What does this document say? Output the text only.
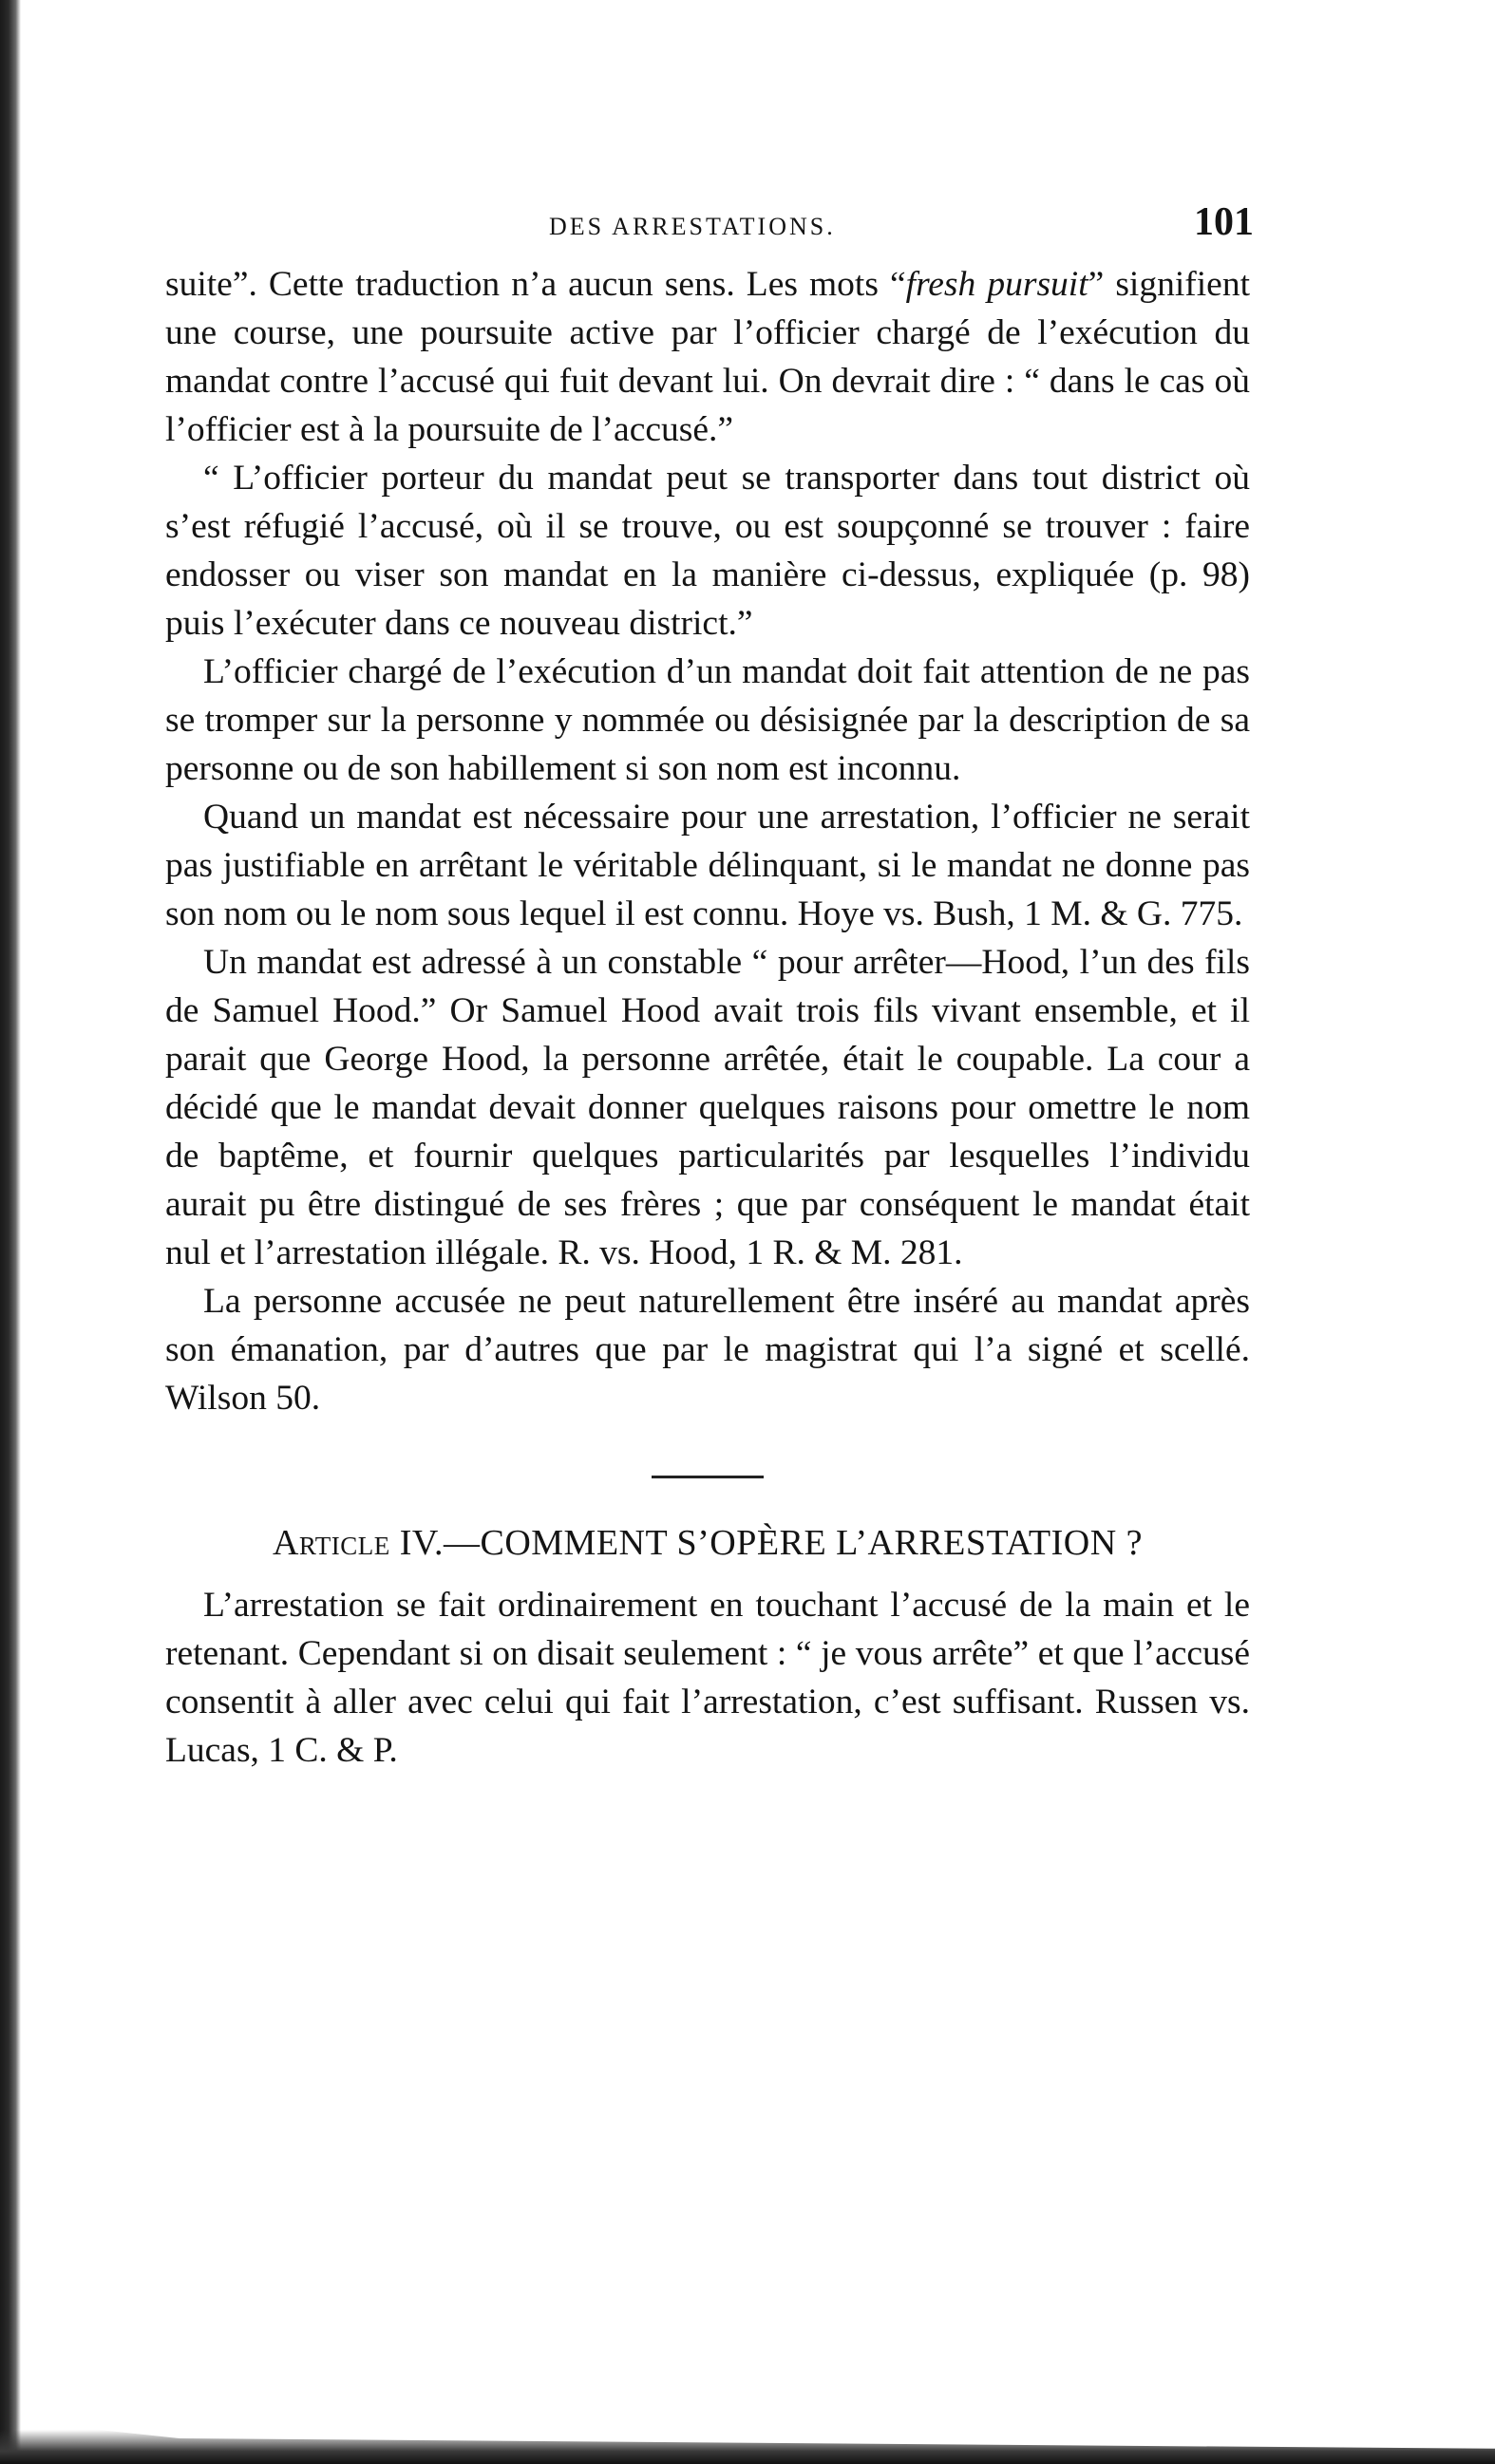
DES ARRESTATIONS.	101

suite”. Cette traduction n’a aucun sens. Les mots “fresh pursuit” signifient une course, une poursuite active par l’officier chargé de l’exécution du mandat contre l’accusé qui fuit devant lui. On devrait dire : “ dans le cas où l’officier est à la poursuite de l’accusé.”

“ L’officier porteur du mandat peut se transporter dans tout district où s’est réfugié l’accusé, où il se trouve, ou est soupçonné se trouver : faire endosser ou viser son mandat en la manière ci-dessus, expliquée (p. 98) puis l’exécuter dans ce nouveau district.”

L’officier chargé de l’exécution d’un mandat doit fait attention de ne pas se tromper sur la personne y nommée ou désisignée par la description de sa personne ou de son habillement si son nom est inconnu.

Quand un mandat est nécessaire pour une arrestation, l’officier ne serait pas justifiable en arrêtant le véritable délinquant, si le mandat ne donne pas son nom ou le nom sous lequel il est connu. Hoye vs. Bush, 1 M. & G. 775.

Un mandat est adressé à un constable “ pour arrêter—Hood, l’un des fils de Samuel Hood.” Or Samuel Hood avait trois fils vivant ensemble, et il parait que George Hood, la personne arrêtée, était le coupable. La cour a décidé que le mandat devait donner quelques raisons pour omettre le nom de baptême, et fournir quelques particularités par lesquelles l’individu aurait pu être distingué de ses frères ; que par conséquent le mandat était nul et l’arrestation illégale. R. vs. Hood, 1 R. & M. 281.

La personne accusée ne peut naturellement être inséré au mandat après son émanation, par d’autres que par le magistrat qui l’a signé et scellé. Wilson 50.

Article IV.—COMMENT S’OPÈRE L’ARRESTATION ?

L’arrestation se fait ordinairement en touchant l’accusé de la main et le retenant. Cependant si on disait seulement : “ je vous arrête” et que l’accusé consentit à aller avec celui qui fait l’arrestation, c’est suffisant. Russen vs. Lucas, 1 C. & P.
